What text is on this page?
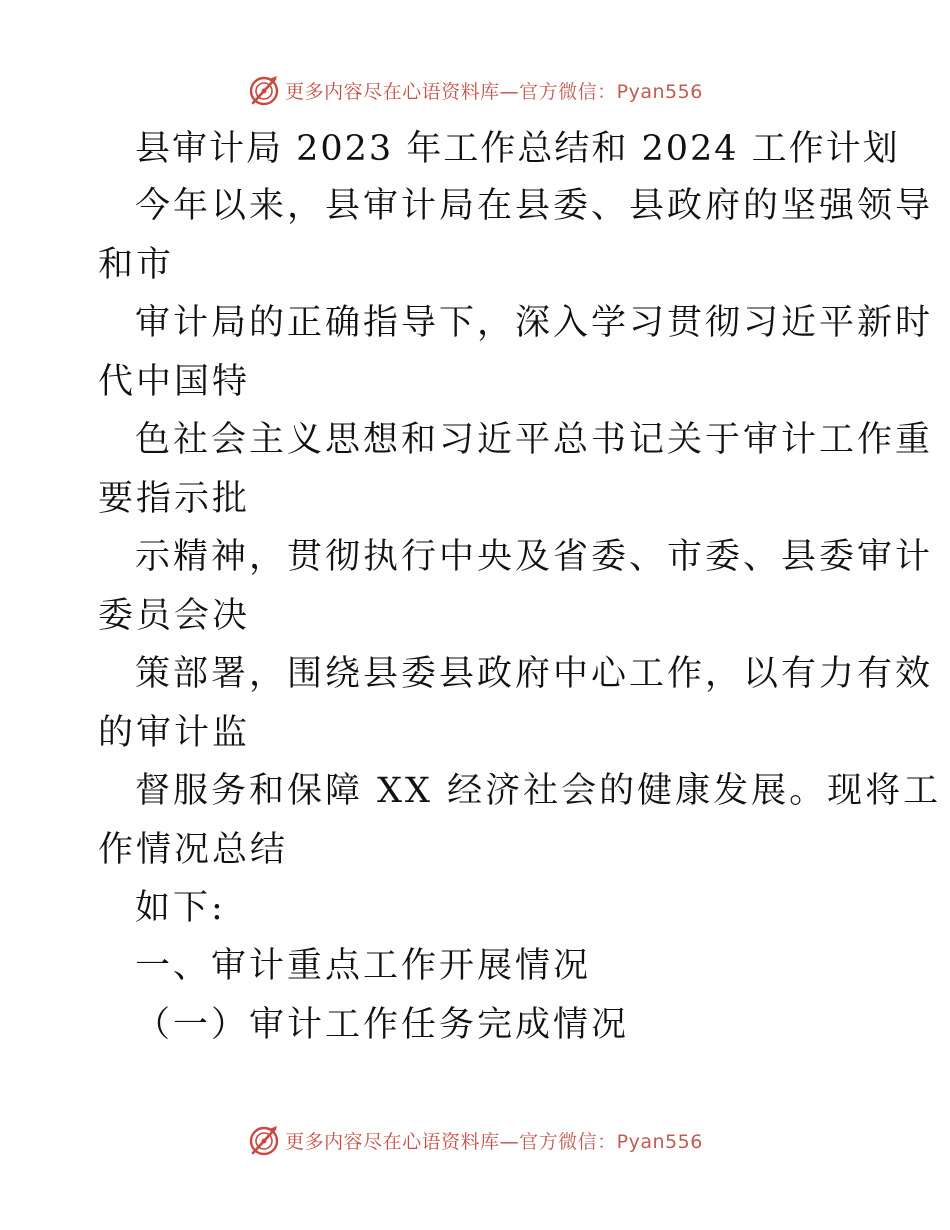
更多内容尽在心语资料库—官方微信：Pyan556
县审计局 2023 年工作总结和 2024 工作计划
今年以来，县审计局在县委、县政府的坚强领导
和市
审计局的正确指导下，深入学习贯彻习近平新时
代中国特
色社会主义思想和习近平总书记关于审计工作重
要指示批
示精神，贯彻执行中央及省委、市委、县委审计
委员会决
策部署，围绕县委县政府中心工作，以有力有效
的审计监
督服务和保障 XX 经济社会的健康发展。现将工
作情况总结
如下:
一、审计重点工作开展情况
（一）审计工作任务完成情况
更多内容尽在心语资料库—官方微信：Pyan556
